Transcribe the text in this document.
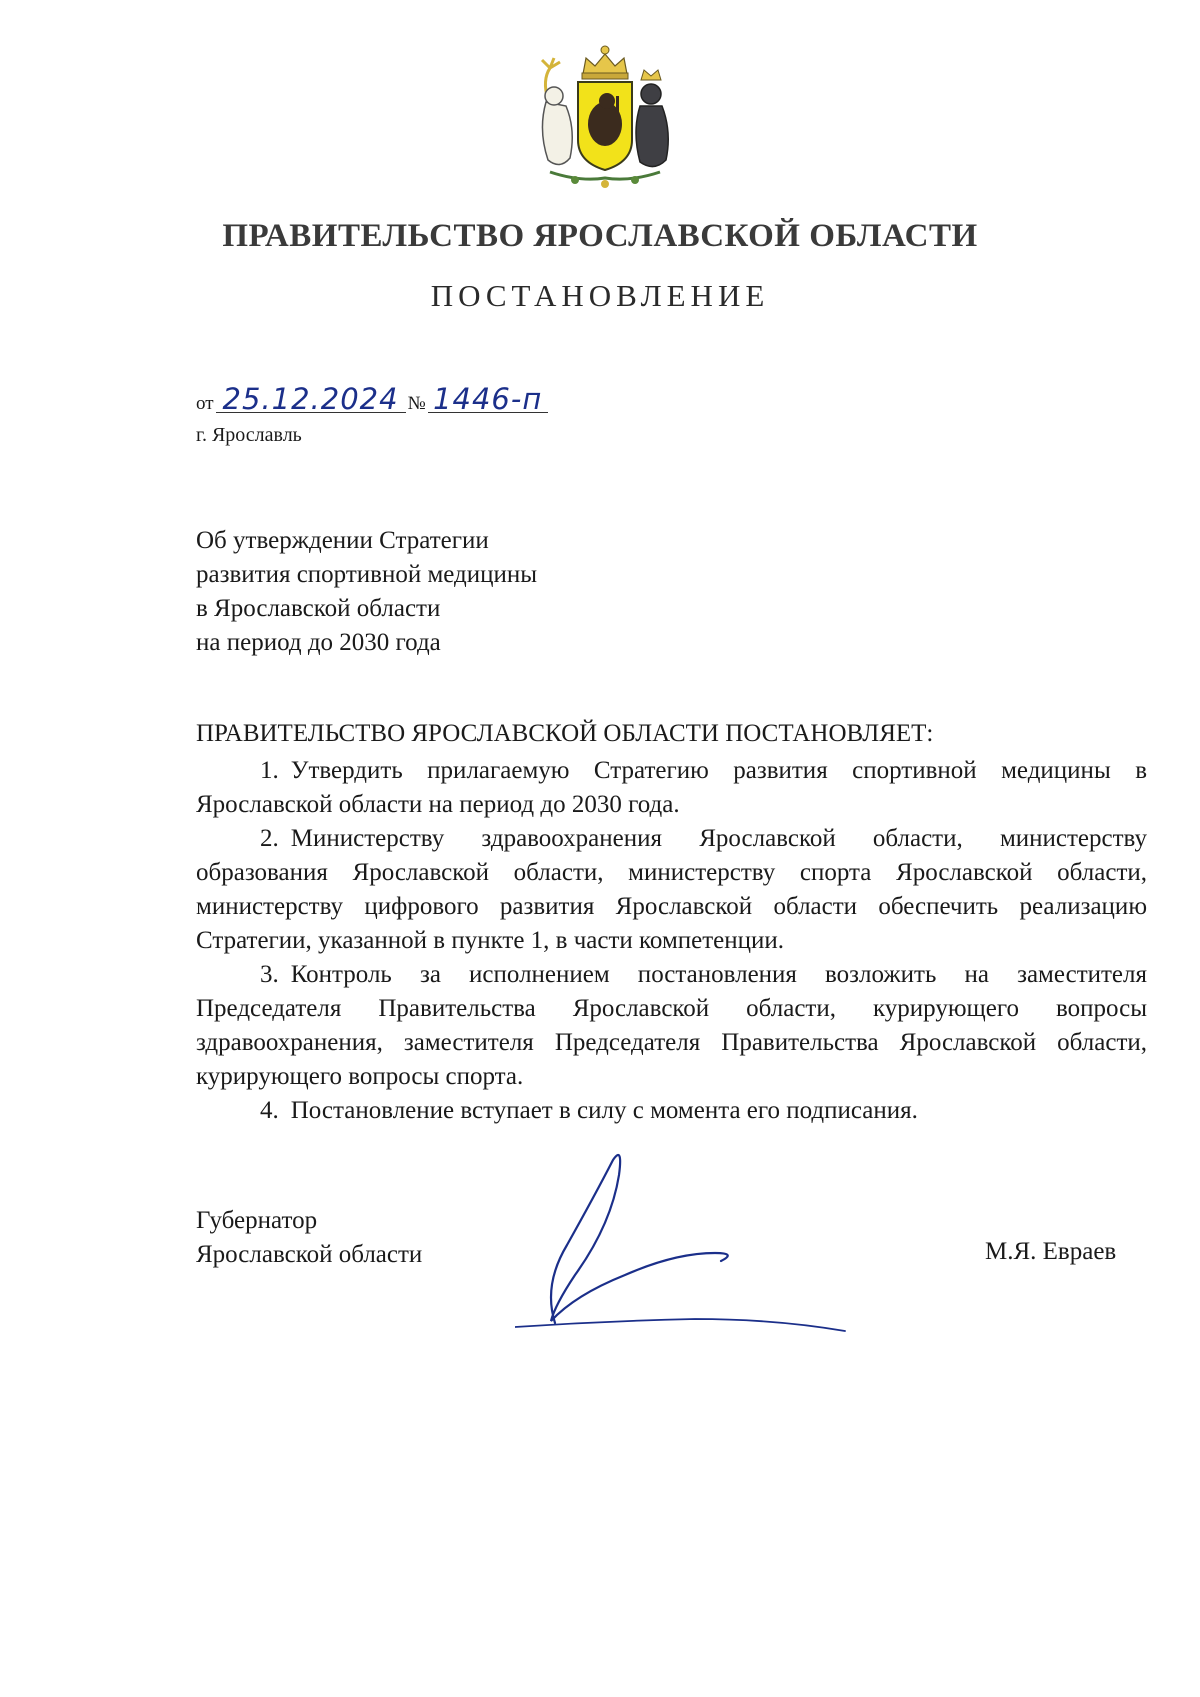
ПРАВИТЕЛЬСТВО ЯРОСЛАВСКОЙ ОБЛАСТИ
ПОСТАНОВЛЕНИЕ
от 25.12.2024 № 1446-п
г. Ярославль
Об утверждении Стратегии
развития спортивной медицины
в Ярославской области
на период до 2030 года
ПРАВИТЕЛЬСТВО ЯРОСЛАВСКОЙ ОБЛАСТИ ПОСТАНОВЛЯЕТ:

1. Утвердить прилагаемую Стратегию развития спортивной медицины в Ярославской области на период до 2030 года.

2. Министерству здравоохранения Ярославской области, министерству образования Ярославской области, министерству спорта Ярославской области, министерству цифрового развития Ярославской области обеспечить реализацию Стратегии, указанной в пункте 1, в части компетенции.

3. Контроль за исполнением постановления возложить на заместителя Председателя Правительства Ярославской области, курирующего вопросы здравоохранения, заместителя Председателя Правительства Ярославской области, курирующего вопросы спорта.

4. Постановление вступает в силу с момента его подписания.

Губернатор
Ярославской области	М.Я. Евраев
